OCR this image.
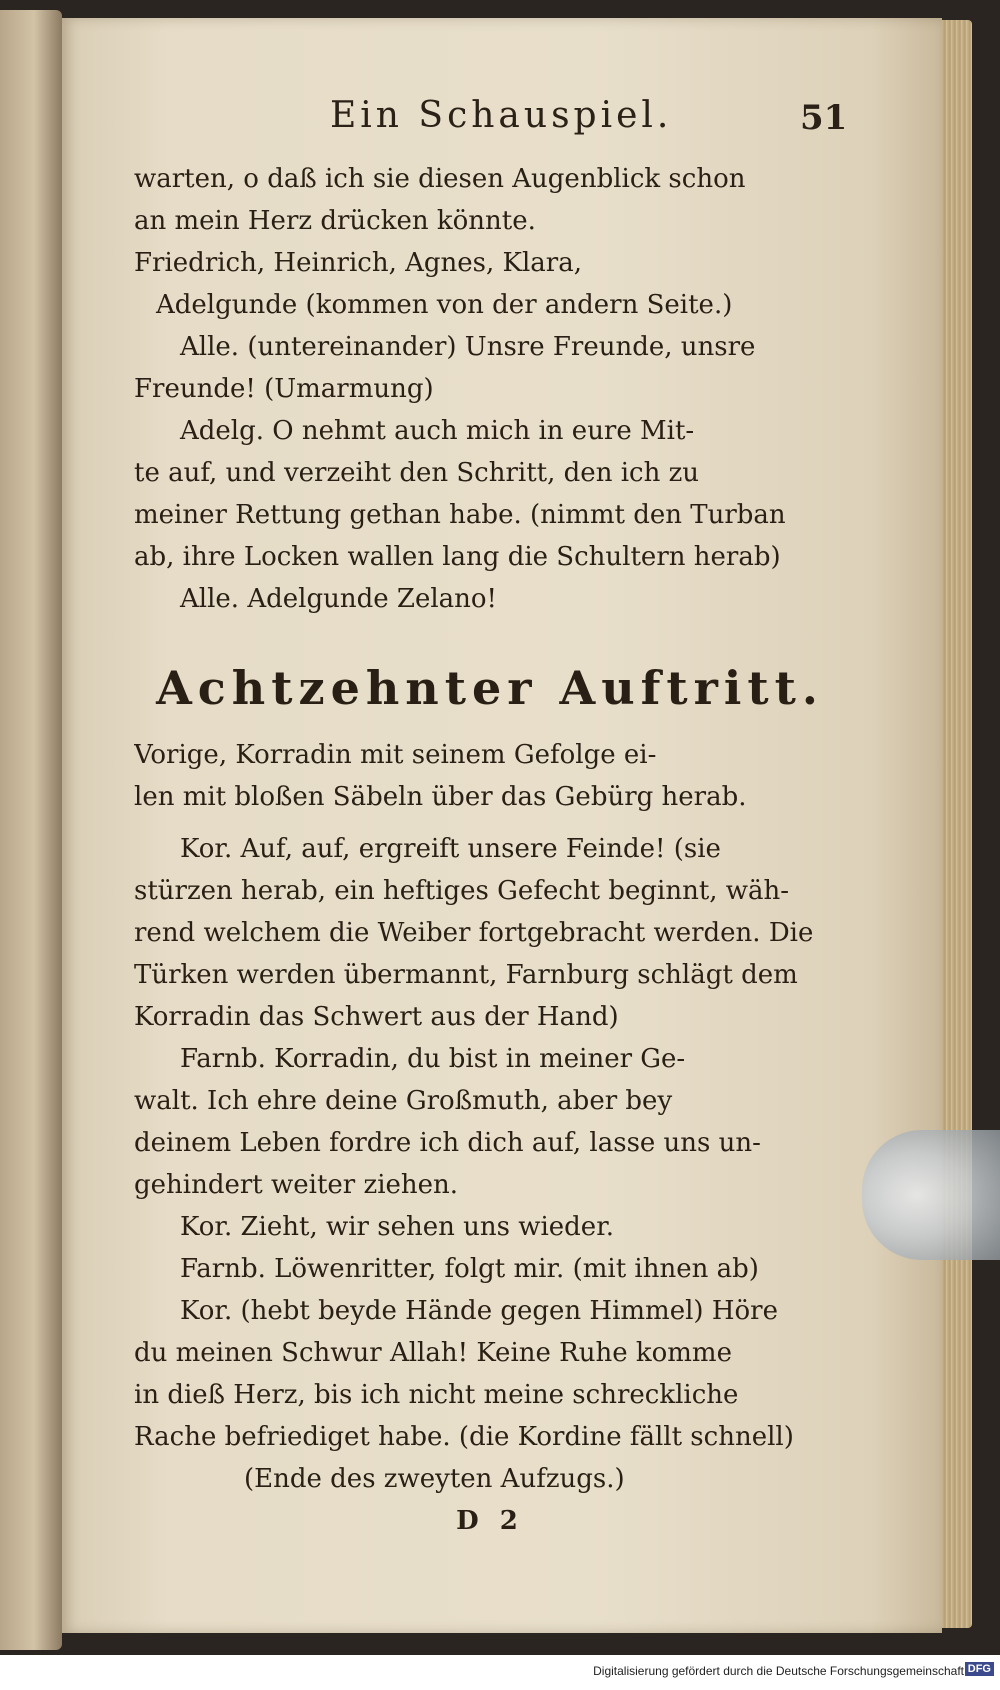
Ein Schauspiel.	51
warten, o daß ich sie diesen Augenblick schon
an mein Herz drücken könnte.
Friedrich, Heinrich, Agnes, Klara,
Adelgunde (kommen von der andern Seite.)
Alle. (untereinander) Unsre Freunde, unsre
Freunde! (Umarmung)
Adelg. O nehmt auch mich in eure Mit-
te auf, und verzeiht den Schritt, den ich zu
meiner Rettung gethan habe. (nimmt den Turban
ab, ihre Locken wallen lang die Schultern herab)
Alle. Adelgunde Zelano!
Achtzehnter Auftritt.
Vorige, Korradin mit seinem Gefolge ei-
len mit bloßen Säbeln über das Gebürg herab.
Kor. Auf, auf, ergreift unsere Feinde! (sie
stürzen herab, ein heftiges Gefecht beginnt, wäh-
rend welchem die Weiber fortgebracht werden. Die
Türken werden übermannt, Farnburg schlägt dem
Korradin das Schwert aus der Hand)
Farnb. Korradin, du bist in meiner Ge-
walt. Ich ehre deine Großmuth, aber bey
deinem Leben fordre ich dich auf, lasse uns un-
gehindert weiter ziehen.
Kor. Zieht, wir sehen uns wieder.
Farnb. Löwenritter, folgt mir. (mit ihnen ab)
Kor. (hebt beyde Hände gegen Himmel) Höre
du meinen Schwur Allah! Keine Ruhe komme
in dieß Herz, bis ich nicht meine schreckliche
Rache befriediget habe. (die Kordine fällt schnell)
(Ende des zweyten Aufzugs.)
D 2
Digitalisierung gefördert durch die Deutsche Forschungsgemeinschaft DFG
